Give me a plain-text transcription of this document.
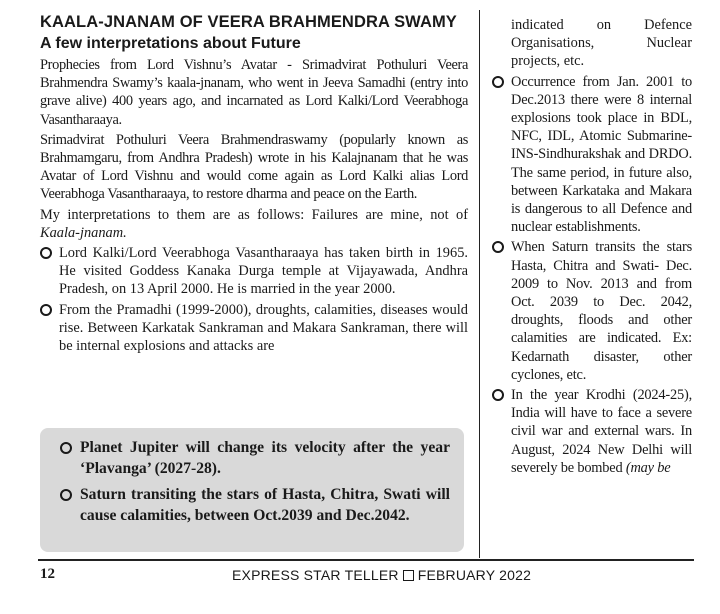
KAALA-JNANAM OF VEERA BRAHMENDRA SWAMY
A few interpretations about Future

Prophecies from Lord Vishnu’s Avatar - Srimadvirat Pothuluri Veera Brahmendra Swamy’s kaala-jnanam, who went in Jeeva Samadhi (entry into grave alive) 400 years ago, and incarnated as Lord Kalki/Lord Veerabhoga Vasantharaaya.

Srimadvirat Pothuluri Veera Brahmendraswamy (popularly known as Brahmamgaru, from Andhra Pradesh) wrote in his Kalajnanam that he was Avatar of Lord Vishnu and would come again as Lord Kalki alias Lord Veerabhoga Vasantharaaya, to restore dharma and peace on the Earth.

My interpretations to them are as follows: Failures are mine, not of Kaala-jnanam.

Lord Kalki/Lord Veerabhoga Vasantharaaya has taken birth in 1965. He visited Goddess Kanaka Durga temple at Vijayawada, Andhra Pradesh, on 13 April 2000. He is married in the year 2000.
From the Pramadhi (1999-2000), droughts, calamities, diseases would rise. Between Karkatak Sankraman and Makara Sankraman, there will be internal explosions and attacks are
Planet Jupiter will change its velocity after the year ‘Plavanga’ (2027-28).
Saturn transiting the stars of Hasta, Chitra, Swati will cause calamities, between Oct.2039 and Dec.2042.
indicated on Defence Organisations, Nuclear projects, etc.
Occurrence from Jan. 2001 to Dec.2013 there were 8 internal explosions took place in BDL, NFC, IDL, Atomic Submarine- INS-Sindhurakshak and DRDO. The same period, in future also, between Karkataka and Makara is dangerous to all Defence and nuclear establishments.
When Saturn transits the stars Hasta, Chitra and Swati- Dec. 2009 to Nov. 2013 and from Oct. 2039 to Dec. 2042, droughts, floods and other calamities are indicated. Ex: Kedarnath disaster, other cyclones, etc.
In the year Krodhi (2024-25), India will have to face a severe civil war and external wars. In August, 2024 New Delhi will severely be bombed (may be
12	EXPRESS STAR TELLER FEBRUARY 2022
